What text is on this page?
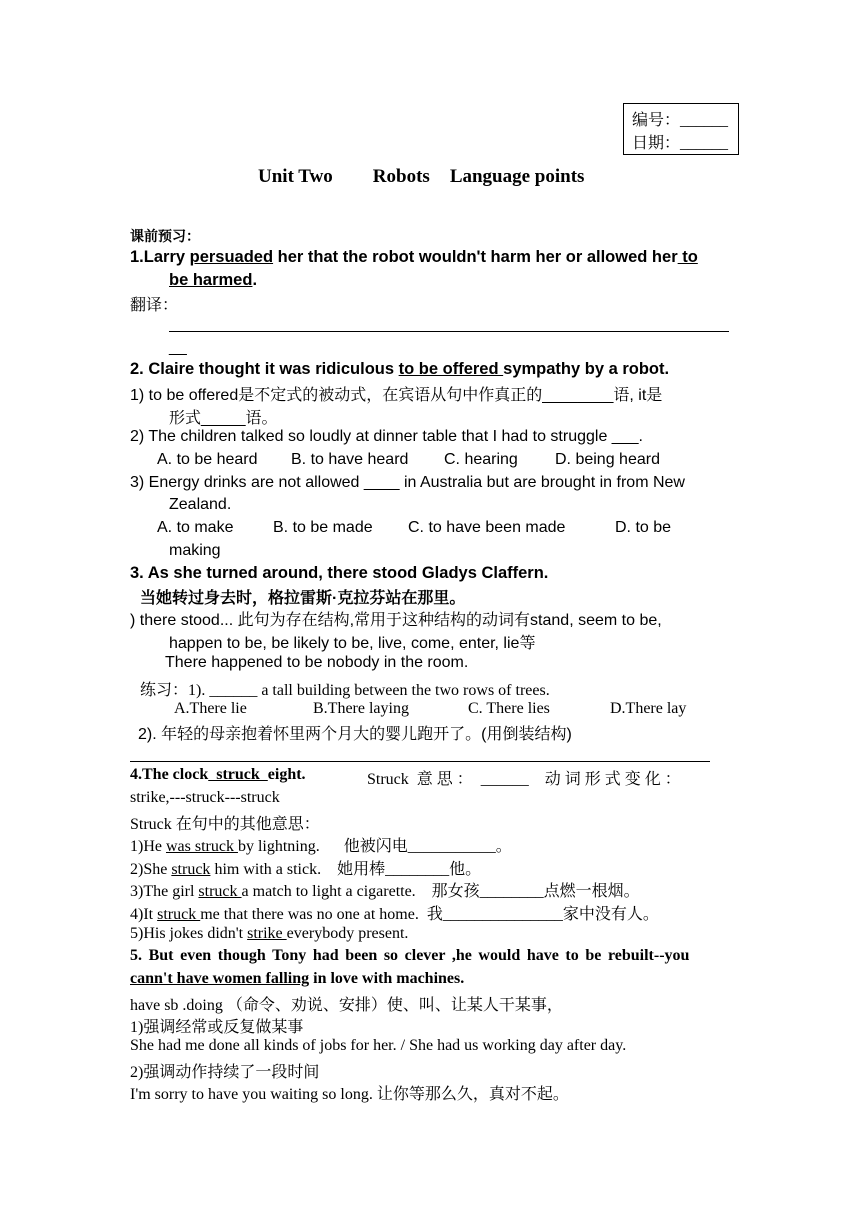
编号：______
日期：______
Unit Two Robots Language points
课前预习：
1.Larry persuaded her that the robot wouldn't harm her or allowed her to
be harmed.
翻译：
__
2. Claire thought it was ridiculous to be offered sympathy by a robot.
1) to be offered是不定式的被动式，在宾语从句中作真正的________语, it是
形式_____语。
2) The children talked so loudly at dinner table that I had to struggle ___.
A. to be heard B. to have heard C. hearing D. being heard
3) Energy drinks are not allowed ____ in Australia but are brought in from New
Zealand.
A. to make B. to be made C. to have been made	D. to be
making
3. As she turned around, there stood Gladys Claffern.
当她转过身去时，格拉雷斯·克拉芬站在那里。
) there stood... 此句为存在结构,常用于这种结构的动词有stand, seem to be,
happen to be, be likely to be, live, come, enter, lie等
There happened to be nobody in the room.
练习：1). ______ a tall building between the two rows of trees.
A.There lie	B.There laying	C. There lies	D.There lay
2). 年轻的母亲抱着怀里两个月大的婴儿跑开了。(用倒装结构)
4.The clock  struck  eight.	Struck  意 思 ：  ______    动 词 形 式 变 化 ：
strike,---struck---struck
Struck 在句中的其他意思：
1)He was struck by lightning.      他被闪电___________。
2)She struck him with a stick.    她用棒________他。
3)The girl struck a match to light a cigarette.    那女孩________点燃一根烟。
4)It struck me that there was no one at home.  我_______________家中没有人。
5)His jokes didn't strike everybody present.
5. But even though Tony had been so clever ,he would have to be rebuilt--you
cann't have women falling in love with machines.
have sb .doing （命令、劝说、安排）使、叫、让某人干某事，
1)强调经常或反复做某事
She had me done all kinds of jobs for her. / She had us working day after day.
2)强调动作持续了一段时间
I'm sorry to have you waiting so long. 让你等那么久，真对不起。
